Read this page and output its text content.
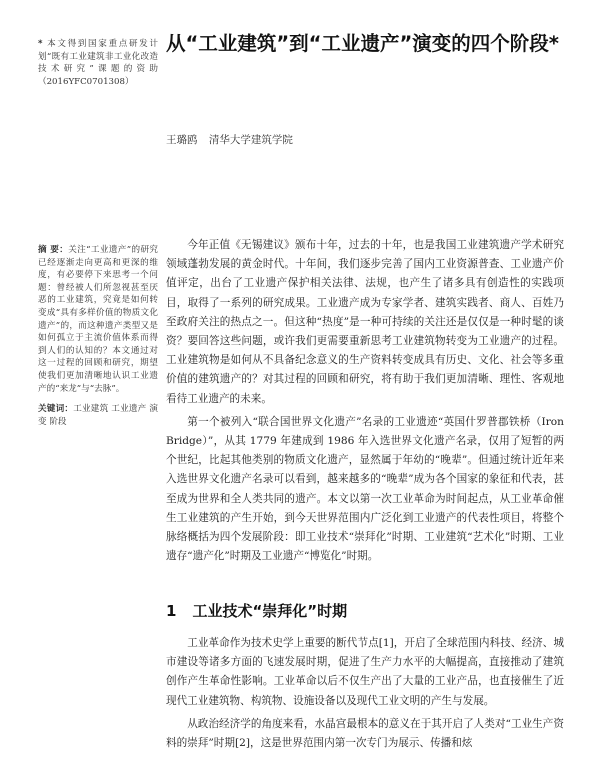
* 本文得到国家重点研发计划“既有工业建筑非工业化改造技术研究”课题的资助（2016YFC0701308）
从“工业建筑”到“工业遗产”演变的四个阶段*
王璐鸥 清华大学建筑学院
摘 要：关注“工业遗产”的研究已经逐渐走向更高和更深的维度，有必要停下来思考一个问题：曾经被人们所忽视甚至厌恶的工业建筑，究竟是如何转变成“具有多样价值的物质文化遗产”的，而这种遗产类型又是如何孤立于主流价值体系而得到人们的认知的？本文通过对这一过程的回顾和研究，期望使我们更加清晰地认识工业遗产的“来龙”与“去脉”。
关键词：工业建筑 工业遗产 演变 阶段

今年正值《无锡建议》颁布十年，过去的十年，也是我国工业建筑遗产学术研究领域蓬勃发展的黄金时代。十年间，我们逐步完善了国内工业资源普查、工业遗产价值评定，出台了工业遗产保护相关法律、法规，也产生了诸多具有创造性的实践项目，取得了一系列的研究成果。工业遗产成为专家学者、建筑实践者、商人、百姓乃至政府关注的热点之一。但这种“热度”是一种可持续的关注还是仅仅是一种时髦的谈资？要回答这些问题，或许我们更需要重新思考工业建筑物转变为工业遗产的过程。工业建筑物是如何从不具备纪念意义的生产资料转变成具有历史、文化、社会等多重价值的建筑遗产的？对其过程的回顾和研究，将有助于我们更加清晰、理性、客观地看待工业遗产的未来。

第一个被列入“联合国世界文化遗产”名录的工业遗迹“英国什罗普郡铁桥（Iron Bridge）”，从其 1779 年建成到 1986 年入选世界文化遗产名录，仅用了短暂的两个世纪，比起其他类别的物质文化遗产，显然属于年幼的“晚辈”。但通过统计近年来入选世界文化遗产名录可以看到，越来越多的“晚辈”成为各个国家的象征和代表，甚至成为世界和全人类共同的遗产。本文以第一次工业革命为时间起点，从工业革命催生工业建筑的产生开始，到今天世界范围内广泛化到工业遗产的代表性项目，将整个脉络概括为四个发展阶段：即工业技术“崇拜化”时期、工业建筑“艺术化”时期、工业遗存“遗产化”时期及工业遗产“博览化”时期。

1 工业技术“崇拜化”时期

工业革命作为技术史学上重要的断代节点[1]，开启了全球范围内科技、经济、城市建设等诸多方面的飞速发展时期，促进了生产力水平的大幅提高，直接推动了建筑创作产生革命性影响。工业革命以后不仅生产出了大量的工业产品，也直接催生了近现代工业建筑物、构筑物、设施设备以及现代工业文明的产生与发展。

从政治经济学的角度来看，水晶宫最根本的意义在于其开启了人类对“工业生产资料的崇拜”时期[2]，这是世界范围内第一次专门为展示、传播和炫
